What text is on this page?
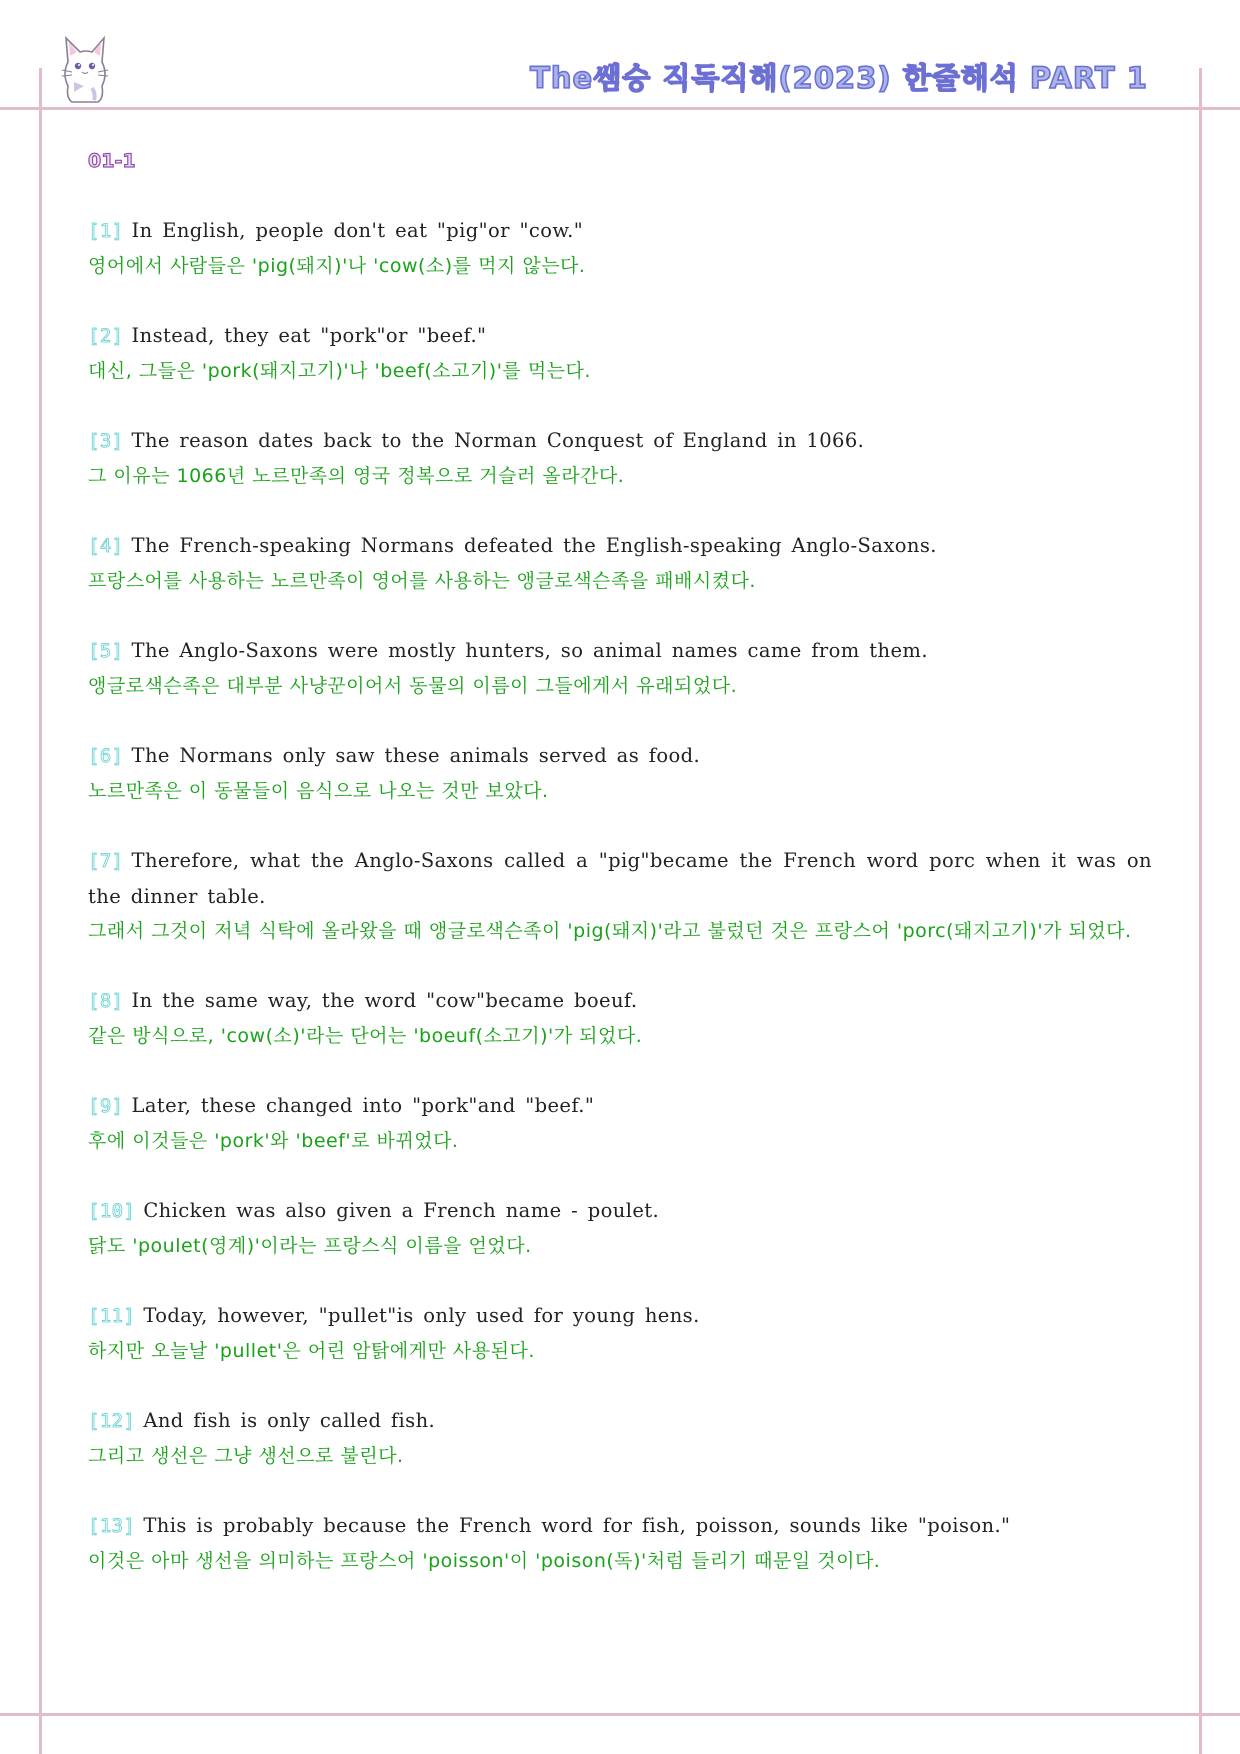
The쌤승 직독직해(2023) 한줄해석 PART 1
01-1
[1] In English, people don't eat "pig"or "cow."
영어에서 사람들은 'pig(돼지)'나 'cow(소)를 먹지 않는다.
[2] Instead, they eat "pork"or "beef."
대신, 그들은 'pork(돼지고기)'나 'beef(소고기)'를 먹는다.
[3] The reason dates back to the Norman Conquest of England in 1066.
그 이유는 1066년 노르만족의 영국 정복으로 거슬러 올라간다.
[4] The French-speaking Normans defeated the English-speaking Anglo-Saxons.
프랑스어를 사용하는 노르만족이 영어를 사용하는 앵글로색슨족을 패배시켰다.
[5] The Anglo-Saxons were mostly hunters, so animal names came from them.
앵글로색슨족은 대부분 사냥꾼이어서 동물의 이름이 그들에게서 유래되었다.
[6] The Normans only saw these animals served as food.
노르만족은 이 동물들이 음식으로 나오는 것만 보았다.
[7] Therefore, what the Anglo-Saxons called a "pig"became the French word porc when it was on the dinner table.
그래서 그것이 저녁 식탁에 올라왔을 때 앵글로색슨족이 'pig(돼지)'라고 불렀던 것은 프랑스어 'porc(돼지고기)'가 되었다.
[8] In the same way, the word "cow"became boeuf.
같은 방식으로, 'cow(소)'라는 단어는 'boeuf(소고기)'가 되었다.
[9] Later, these changed into "pork"and "beef."
후에 이것들은 'pork'와 'beef'로 바뀌었다.
[10] Chicken was also given a French name - poulet.
닭도 'poulet(영계)'이라는 프랑스식 이름을 얻었다.
[11] Today, however, "pullet"is only used for young hens.
하지만 오늘날 'pullet'은 어린 암탉에게만 사용된다.
[12] And fish is only called fish.
그리고 생선은 그냥 생선으로 불린다.
[13] This is probably because the French word for fish, poisson, sounds like "poison."
이것은 아마 생선을 의미하는 프랑스어 'poisson'이 'poison(독)'처럼 들리기 때문일 것이다.
